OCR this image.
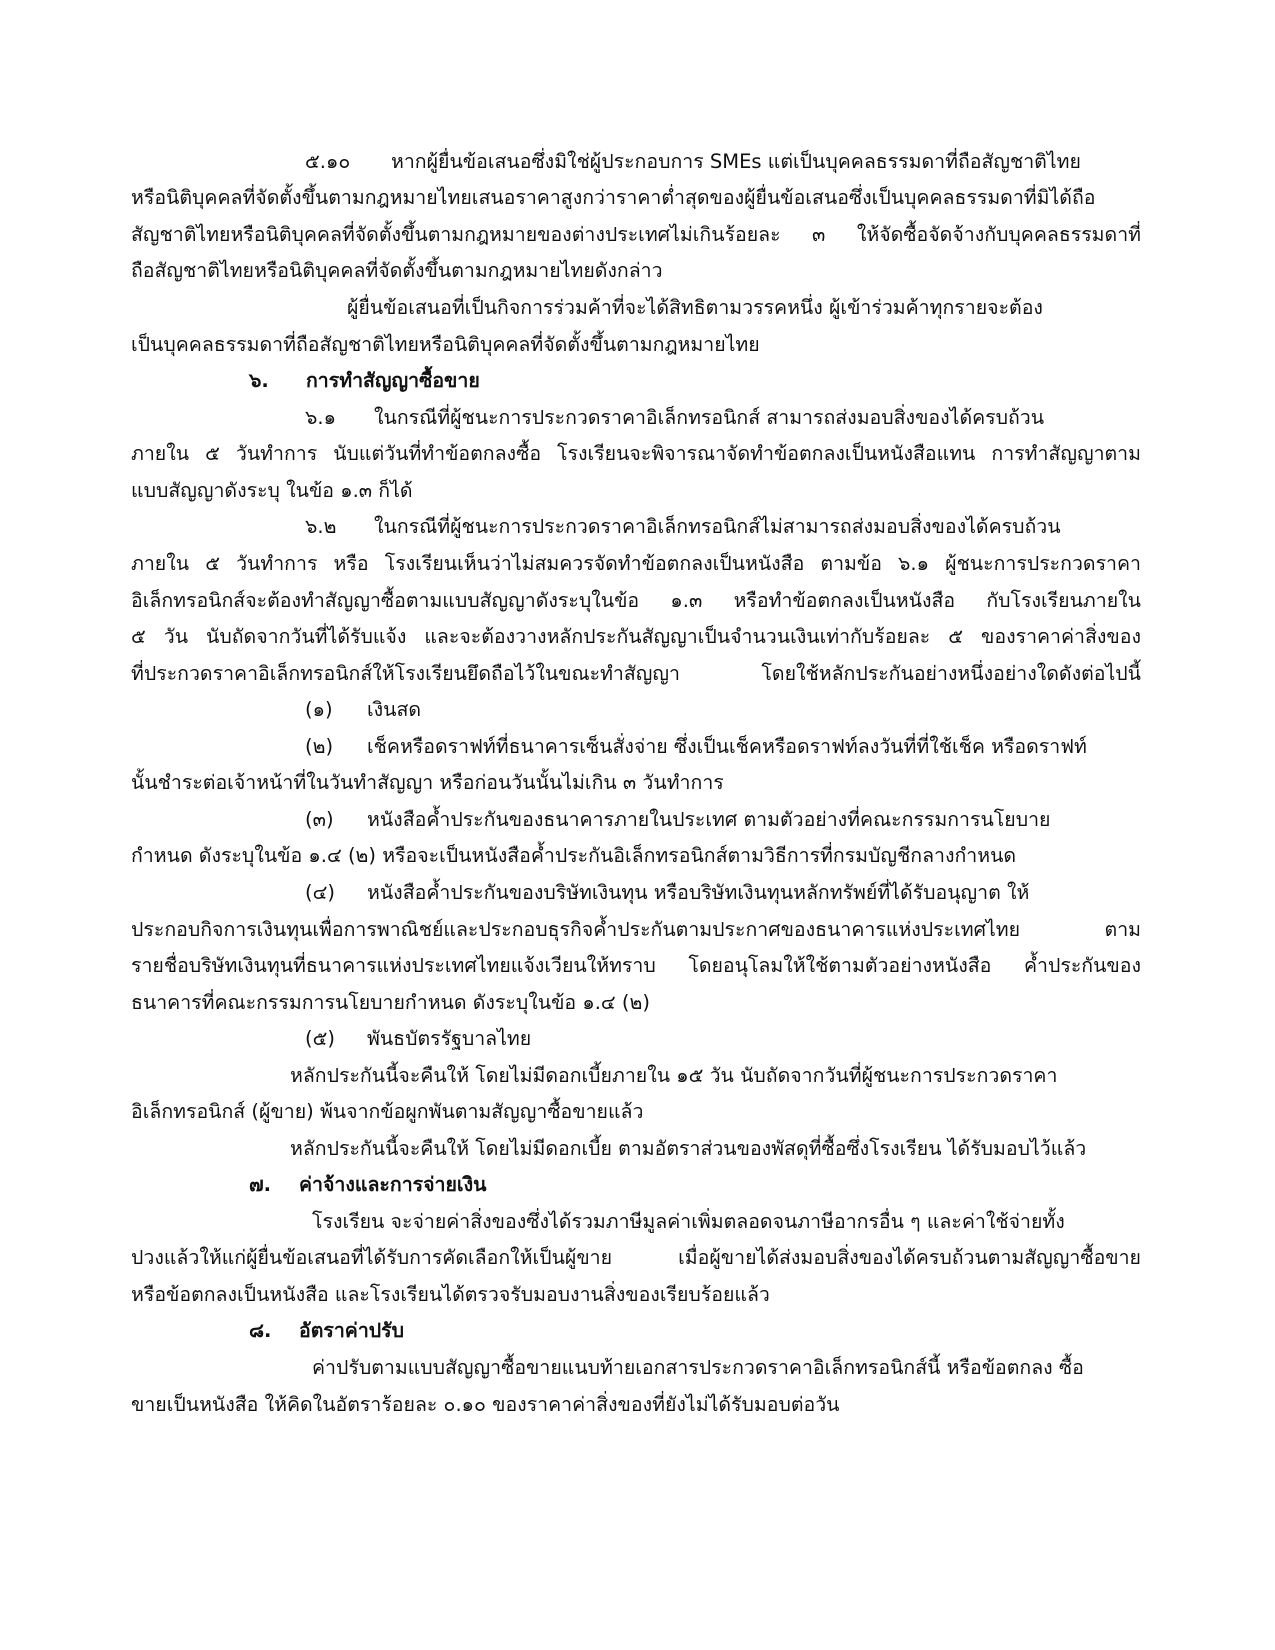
๕.๑๐ หากผู้ยื่นข้อเสนอซึ่งมิใช่ผู้ประกอบการ SMEs แต่เป็นบุคคลธรรมดาที่ถือสัญชาติไทย
หรือนิติบุคคลที่จัดตั้งขึ้นตามกฎหมายไทยเสนอราคาสูงกว่าราคาต่ำสุดของผู้ยื่นข้อเสนอซึ่งเป็นบุคคลธรรมดาที่มิได้ถือ
สัญชาติไทยหรือนิติบุคคลที่จัดตั้งขึ้นตามกฎหมายของต่างประเทศไม่เกินร้อยละ ๓ ให้จัดซื้อจัดจ้างกับบุคคลธรรมดาที่
ถือสัญชาติไทยหรือนิติบุคคลที่จัดตั้งขึ้นตามกฎหมายไทยดังกล่าว
ผู้ยื่นข้อเสนอที่เป็นกิจการร่วมค้าที่จะได้สิทธิตามวรรคหนึ่ง ผู้เข้าร่วมค้าทุกรายจะต้อง
เป็นบุคคลธรรมดาที่ถือสัญชาติไทยหรือนิติบุคคลที่จัดตั้งขึ้นตามกฎหมายไทย
๖. การทำสัญญาซื้อขาย
๖.๑ ในกรณีที่ผู้ชนะการประกวดราคาอิเล็กทรอนิกส์ สามารถส่งมอบสิ่งของได้ครบถ้วน
ภายใน ๕ วันทำการ นับแต่วันที่ทำข้อตกลงซื้อ โรงเรียนจะพิจารณาจัดทำข้อตกลงเป็นหนังสือแทน การทำสัญญาตาม
แบบสัญญาดังระบุ ในข้อ ๑.๓ ก็ได้
๖.๒ ในกรณีที่ผู้ชนะการประกวดราคาอิเล็กทรอนิกส์ไม่สามารถส่งมอบสิ่งของได้ครบถ้วน
ภายใน ๕ วันทำการ หรือ โรงเรียนเห็นว่าไม่สมควรจัดทำข้อตกลงเป็นหนังสือ ตามข้อ ๖.๑ ผู้ชนะการประกวดราคา
อิเล็กทรอนิกส์จะต้องทำสัญญาซื้อตามแบบสัญญาดังระบุในข้อ ๑.๓ หรือทำข้อตกลงเป็นหนังสือ กับโรงเรียนภายใน
๕ วัน นับถัดจากวันที่ได้รับแจ้ง และจะต้องวางหลักประกันสัญญาเป็นจำนวนเงินเท่ากับร้อยละ ๕ ของราคาค่าสิ่งของ
ที่ประกวดราคาอิเล็กทรอนิกส์ให้โรงเรียนยึดถือไว้ในขณะทำสัญญา โดยใช้หลักประกันอย่างหนึ่งอย่างใดดังต่อไปนี้
(๑) เงินสด
(๒) เช็คหรือดราฟท์ที่ธนาคารเซ็นสั่งจ่าย ซึ่งเป็นเช็คหรือดราฟท์ลงวันที่ที่ใช้เช็ค หรือดราฟท์
นั้นชำระต่อเจ้าหน้าที่ในวันทำสัญญา หรือก่อนวันนั้นไม่เกิน ๓ วันทำการ
(๓) หนังสือค้ำประกันของธนาคารภายในประเทศ ตามตัวอย่างที่คณะกรรมการนโยบาย
กำหนด ดังระบุในข้อ ๑.๔ (๒) หรือจะเป็นหนังสือค้ำประกันอิเล็กทรอนิกส์ตามวิธีการที่กรมบัญชีกลางกำหนด
(๔) หนังสือค้ำประกันของบริษัทเงินทุน หรือบริษัทเงินทุนหลักทรัพย์ที่ได้รับอนุญาต ให้
ประกอบกิจการเงินทุนเพื่อการพาณิชย์และประกอบธุรกิจค้ำประกันตามประกาศของธนาคารแห่งประเทศไทย ตาม
รายชื่อบริษัทเงินทุนที่ธนาคารแห่งประเทศไทยแจ้งเวียนให้ทราบ โดยอนุโลมให้ใช้ตามตัวอย่างหนังสือ ค้ำประกันของ
ธนาคารที่คณะกรรมการนโยบายกำหนด ดังระบุในข้อ ๑.๔ (๒)
(๕) พันธบัตรรัฐบาลไทย
หลักประกันนี้จะคืนให้ โดยไม่มีดอกเบี้ยภายใน ๑๕ วัน นับถัดจากวันที่ผู้ชนะการประกวดราคา
อิเล็กทรอนิกส์ (ผู้ขาย) พ้นจากข้อผูกพันตามสัญญาซื้อขายแล้ว
หลักประกันนี้จะคืนให้ โดยไม่มีดอกเบี้ย ตามอัตราส่วนของพัสดุที่ซื้อซึ่งโรงเรียน ได้รับมอบไว้แล้ว
๗. ค่าจ้างและการจ่ายเงิน
โรงเรียน จะจ่ายค่าสิ่งของซึ่งได้รวมภาษีมูลค่าเพิ่มตลอดจนภาษีอากรอื่น ๆ และค่าใช้จ่ายทั้ง
ปวงแล้วให้แก่ผู้ยื่นข้อเสนอที่ได้รับการคัดเลือกให้เป็นผู้ขาย เมื่อผู้ขายได้ส่งมอบสิ่งของได้ครบถ้วนตามสัญญาซื้อขาย
หรือข้อตกลงเป็นหนังสือ และโรงเรียนได้ตรวจรับมอบงานสิ่งของเรียบร้อยแล้ว
๘. อัตราค่าปรับ
ค่าปรับตามแบบสัญญาซื้อขายแนบท้ายเอกสารประกวดราคาอิเล็กทรอนิกส์นี้ หรือข้อตกลง ซื้อ
ขายเป็นหนังสือ ให้คิดในอัตราร้อยละ ๐.๑๐ ของราคาค่าสิ่งของที่ยังไม่ได้รับมอบต่อวัน
